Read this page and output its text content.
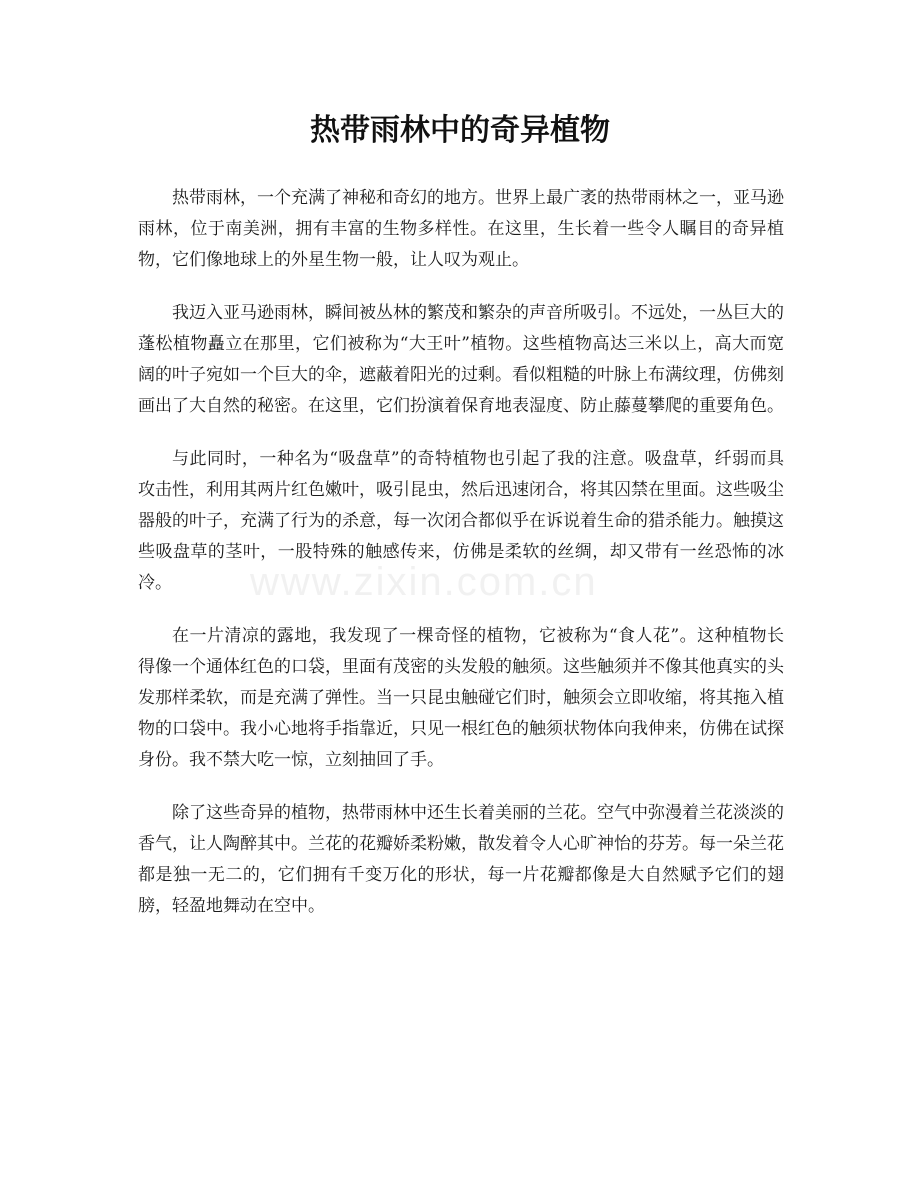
热带雨林中的奇异植物

热带雨林，一个充满了神秘和奇幻的地方。世界上最广袤的热带雨林之一，亚马逊雨林，位于南美洲，拥有丰富的生物多样性。在这里，生长着一些令人瞩目的奇异植物，它们像地球上的外星生物一般，让人叹为观止。

我迈入亚马逊雨林，瞬间被丛林的繁茂和繁杂的声音所吸引。不远处，一丛巨大的蓬松植物矗立在那里，它们被称为“大王叶”植物。这些植物高达三米以上，高大而宽阔的叶子宛如一个巨大的伞，遮蔽着阳光的过剩。看似粗糙的叶脉上布满纹理，仿佛刻画出了大自然的秘密。在这里，它们扮演着保育地表湿度、防止藤蔓攀爬的重要角色。

与此同时，一种名为“吸盘草”的奇特植物也引起了我的注意。吸盘草，纤弱而具攻击性，利用其两片红色嫩叶，吸引昆虫，然后迅速闭合，将其囚禁在里面。这些吸尘器般的叶子，充满了行为的杀意，每一次闭合都似乎在诉说着生命的猎杀能力。触摸这些吸盘草的茎叶，一股特殊的触感传来，仿佛是柔软的丝绸，却又带有一丝恐怖的冰冷。

在一片清凉的露地，我发现了一棵奇怪的植物，它被称为“食人花”。这种植物长得像一个通体红色的口袋，里面有茂密的头发般的触须。这些触须并不像其他真实的头发那样柔软，而是充满了弹性。当一只昆虫触碰它们时，触须会立即收缩，将其拖入植物的口袋中。我小心地将手指靠近，只见一根红色的触须状物体向我伸来，仿佛在试探身份。我不禁大吃一惊，立刻抽回了手。

除了这些奇异的植物，热带雨林中还生长着美丽的兰花。空气中弥漫着兰花淡淡的香气，让人陶醉其中。兰花的花瓣娇柔粉嫩，散发着令人心旷神怡的芬芳。每一朵兰花都是独一无二的，它们拥有千变万化的形状，每一片花瓣都像是大自然赋予它们的翅膀，轻盈地舞动在空中。

www.zixin.com.cn
